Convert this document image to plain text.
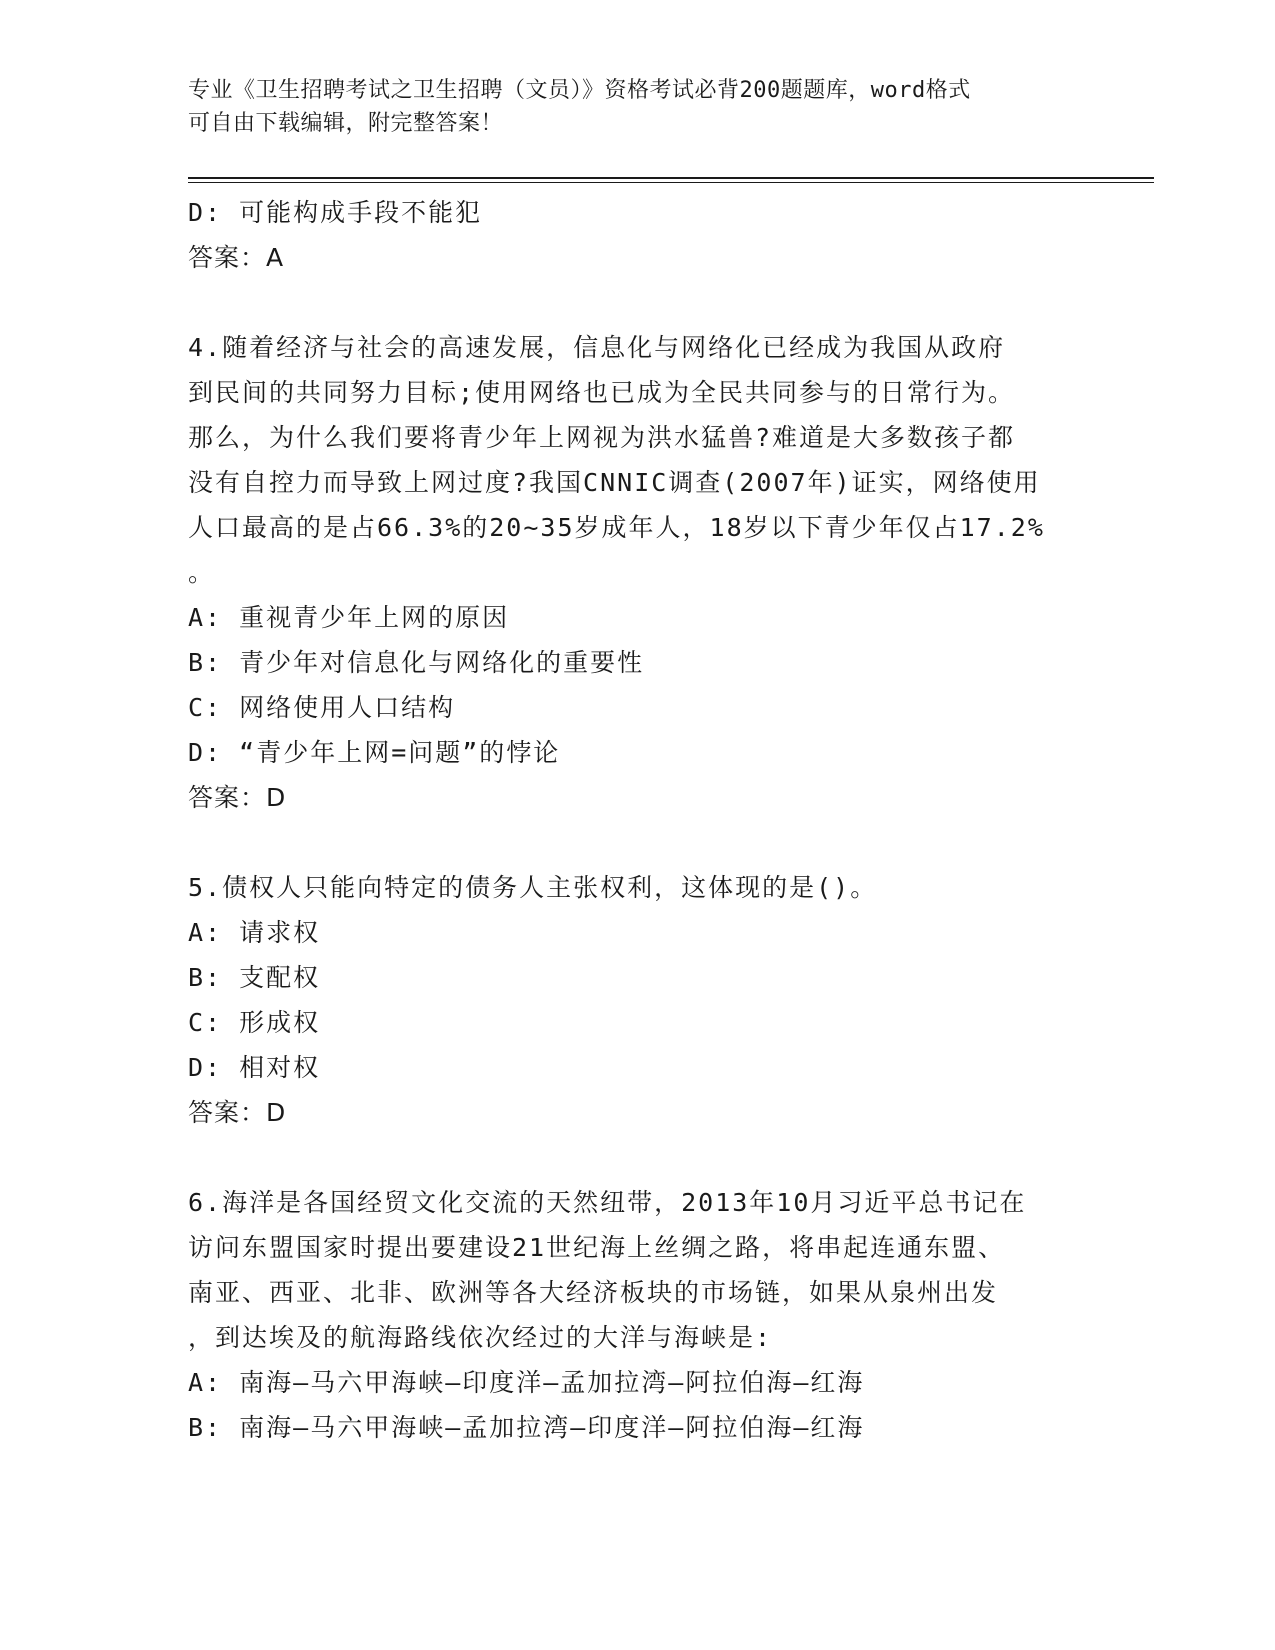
专业《卫生招聘考试之卫生招聘（文员）》资格考试必背200题题库，word格式
可自由下载编辑，附完整答案！

D: 可能构成手段不能犯

答案：A

4.随着经济与社会的高速发展，信息化与网络化已经成为我国从政府

到民间的共同努力目标;使用网络也已成为全民共同参与的日常行为。

那么，为什么我们要将青少年上网视为洪水猛兽?难道是大多数孩子都

没有自控力而导致上网过度?我国CNNIC调查(2007年)证实，网络使用

人口最高的是占66.3%的20~35岁成年人，18岁以下青少年仅占17.2%

。

A: 重视青少年上网的原因

B: 青少年对信息化与网络化的重要性

C: 网络使用人口结构

D: “青少年上网=问题”的悖论

答案：D

5.债权人只能向特定的债务人主张权利，这体现的是()。

A: 请求权

B: 支配权

C: 形成权

D: 相对权

答案：D

6.海洋是各国经贸文化交流的天然纽带，2013年10月习近平总书记在

访问东盟国家时提出要建设21世纪海上丝绸之路，将串起连通东盟、

南亚、西亚、北非、欧洲等各大经济板块的市场链，如果从泉州出发

，到达埃及的航海路线依次经过的大洋与海峡是:

A: 南海—马六甲海峡—印度洋—孟加拉湾—阿拉伯海—红海

B: 南海—马六甲海峡—孟加拉湾—印度洋—阿拉伯海—红海
